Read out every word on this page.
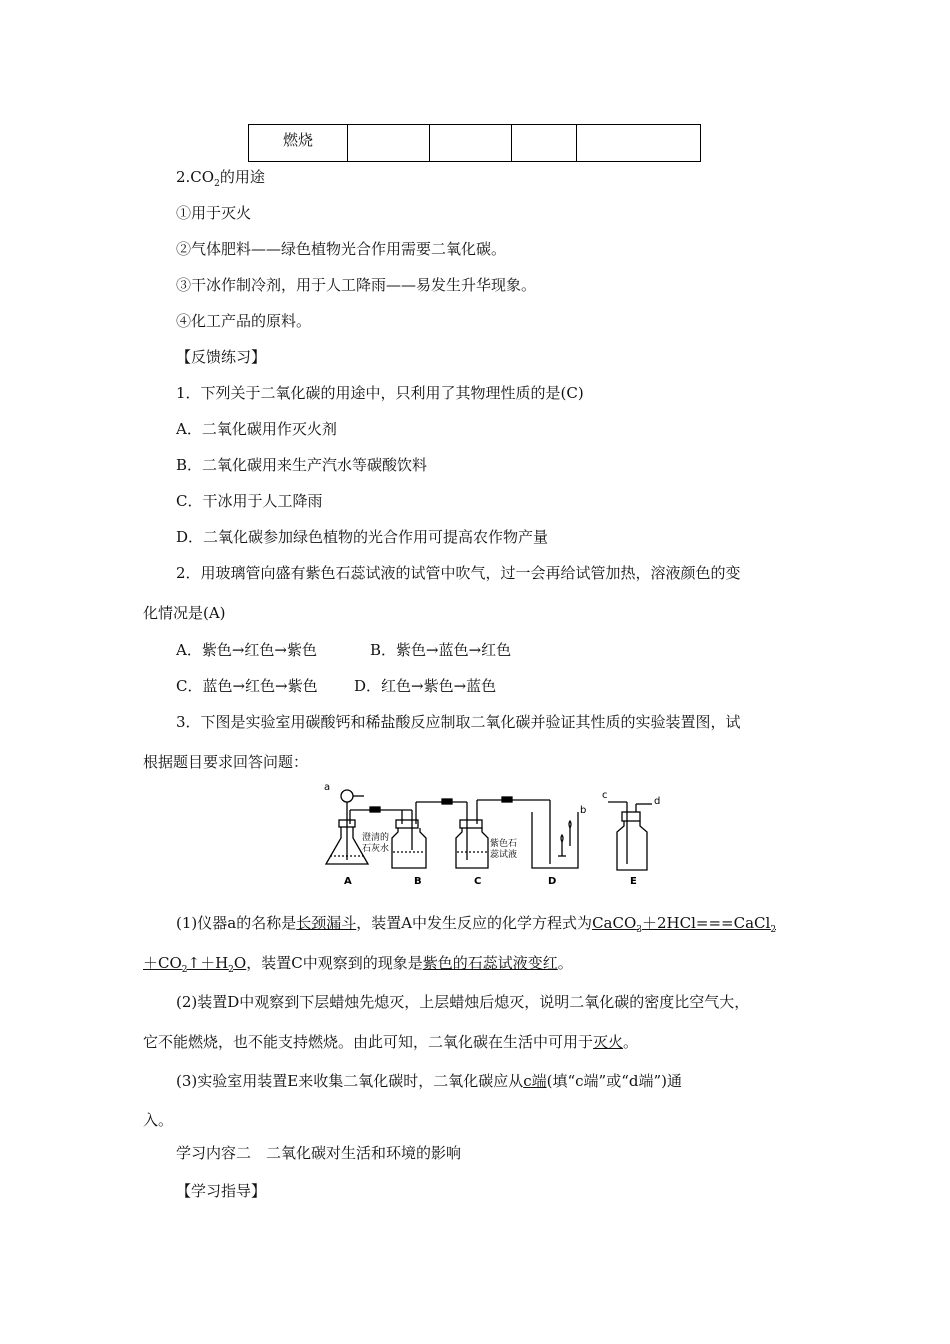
燃烧				
$2.CO_2$的用途
①用于灭火
②气体肥料——绿色植物光合作用需要二氧化碳。
③干冰作制冷剂，用于人工降雨——易发生升华现象。
④化工产品的原料。
【反馈练习】
1．下列关于二氧化碳的用途中，只利用了其物理性质的是(C)
A．二氧化碳用作灭火剂
B．二氧化碳用来生产汽水等碳酸饮料
C．干冰用于人工降雨
D．二氧化碳参加绿色植物的光合作用可提高农作物产量
2．用玻璃管向盛有紫色石蕊试液的试管中吹气，过一会再给试管加热，溶液颜色的变
化情况是(A)
A．紫色→红色→紫色	B．紫色→蓝色→红色
C．蓝色→红色→紫色 D．红色→紫色→蓝色
3．下图是实验室用碳酸钙和稀盐酸反应制取二氧化碳并验证其性质的实验装置图，试
根据题目要求回答问题：
a
b
c
d
澄清的
石灰水	紫色石
蕊试液
A	B	C	D	E
(1)仪器a的名称是长颈漏斗，装置A中发生反应的化学方程式为CaCO$_3$＋2HCl===CaCl$_2$
$+CO_2↑+H_2O$，装置C中观察到的现象是紫色的石蕊试液变红。
(2)装置D中观察到下层蜡烛先熄灭，上层蜡烛后熄灭，说明二氧化碳的密度比空气大，
它不能燃烧，也不能支持燃烧。由此可知，二氧化碳在生活中可用于灭火。
(3)实验室用装置E来收集二氧化碳时，二氧化碳应从c端(填“c端”或“d端”)通
入。
学习内容二　二氧化碳对生活和环境的影响
【学习指导】
